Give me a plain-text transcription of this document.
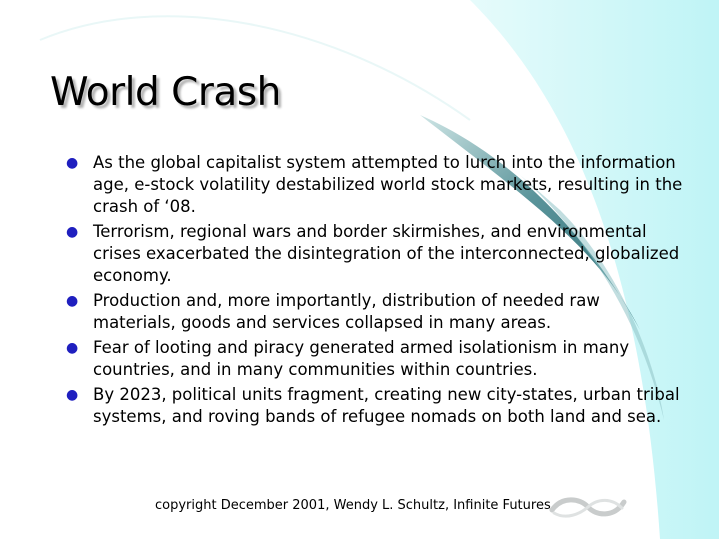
World Crash
● As the global capitalist system attempted to lurch into the information age, e-stock volatility destabilized world stock markets, resulting in the crash of ‘08.
● Terrorism, regional wars and border skirmishes, and environmental crises exacerbated the disintegration of the interconnected, globalized economy.
● Production and, more importantly, distribution of needed raw materials, goods and services collapsed in many areas.
● Fear of looting and piracy generated armed isolationism in many countries, and in many communities within countries.
● By 2023, political units fragment, creating new city-states, urban tribal systems, and roving bands of refugee nomads on both land and sea.
copyright December 2001, Wendy L. Schultz, Infinite Futures
